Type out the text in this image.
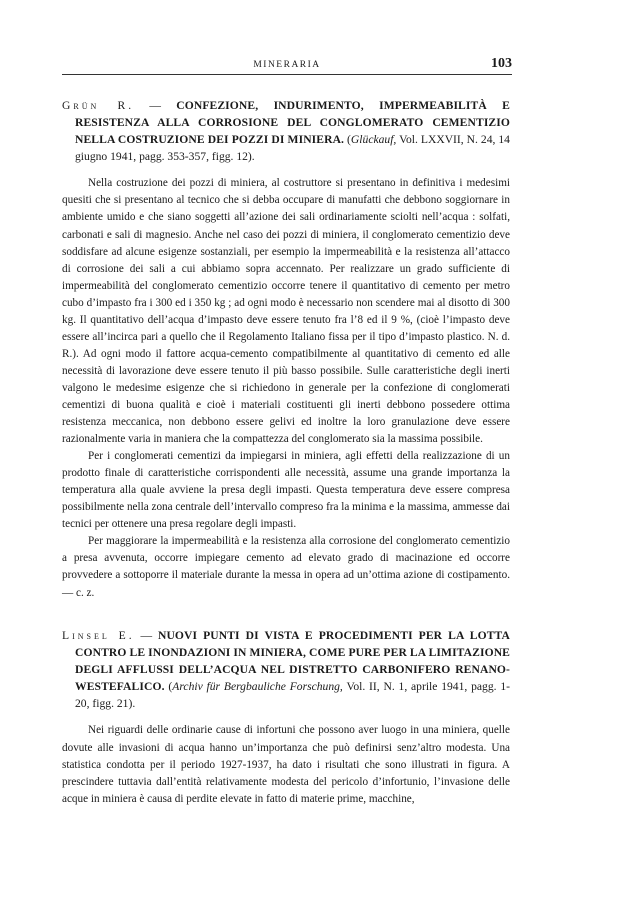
MINERARIA	103

Grün R. — CONFEZIONE, INDURIMENTO, IMPERMEABILITÀ E RESISTENZA ALLA CORROSIONE DEL CONGLOMERATO CEMENTIZIO NELLA COSTRUZIONE DEI POZZI DI MINIERA. (Glückauf, Vol. LXXVII, N. 24, 14 giugno 1941, pagg. 353-357, figg. 12).

Nella costruzione dei pozzi di miniera, al costruttore si presentano in definitiva i medesimi quesiti che si presentano al tecnico che si debba occupare di manufatti che debbono soggiornare in ambiente umido e che siano soggetti all’azione dei sali ordinariamente sciolti nell’acqua : solfati, carbonati e sali di magnesio. Anche nel caso dei pozzi di miniera, il conglomerato cementizio deve soddisfare ad alcune esigenze sostanziali, per esempio la impermeabilità e la resistenza all’attacco di corrosione dei sali a cui abbiamo sopra accennato. Per realizzare un grado sufficiente di impermeabilità del conglomerato cementizio occorre tenere il quantitativo di cemento per metro cubo d’impasto fra i 300 ed i 350 kg ; ad ogni modo è necessario non scendere mai al disotto di 300 kg. Il quantitativo dell’acqua d’impasto deve essere tenuto fra l’8 ed il 9 %, (cioè l’impasto deve essere all’incirca pari a quello che il Regolamento Italiano fissa per il tipo d’impasto plastico. N. d. R.). Ad ogni modo il fattore acqua-cemento compatibilmente al quantitativo di cemento ed alle necessità di lavorazione deve essere tenuto il più basso possibile. Sulle caratteristiche degli inerti valgono le medesime esigenze che si richiedono in generale per la confezione di conglomerati cementizi di buona qualità e cioè i materiali costituenti gli inerti debbono possedere ottima resistenza meccanica, non debbono essere gelivi ed inoltre la loro granulazione deve essere razionalmente varia in maniera che la compattezza del conglomerato sia la massima possibile.

Per i conglomerati cementizi da impiegarsi in miniera, agli effetti della realizzazione di un prodotto finale di caratteristiche corrispondenti alle necessità, assume una grande importanza la temperatura alla quale avviene la presa degli impasti. Questa temperatura deve essere compresa possibilmente nella zona centrale dell’intervallo compreso fra la minima e la massima, ammesse dai tecnici per ottenere una presa regolare degli impasti.

Per maggiorare la impermeabilità e la resistenza alla corrosione del conglomerato cementizio a presa avvenuta, occorre impiegare cemento ad elevato grado di macinazione ed occorre provvedere a sottoporre il materiale durante la messa in opera ad un’ottima azione di costipamento. — c. z.

Linsel E. — NUOVI PUNTI DI VISTA E PROCEDIMENTI PER LA LOTTA CONTRO LE INONDAZIONI IN MINIERA, COME PURE PER LA LIMITAZIONE DEGLI AFFLUSSI DELL’ACQUA NEL DISTRETTO CARBONIFERO RENANO-WESTEFALICO. (Archiv für Bergbauliche Forschung, Vol. II, N. 1, aprile 1941, pagg. 1-20, figg. 21).

Nei riguardi delle ordinarie cause di infortuni che possono aver luogo in una miniera, quelle dovute alle invasioni di acqua hanno un’importanza che può definirsi senz’altro modesta. Una statistica condotta per il periodo 1927-1937, ha dato i risultati che sono illustrati in figura. A prescindere tuttavia dall’entità relativamente modesta del pericolo d’infortunio, l’invasione delle acque in miniera è causa di perdite elevate in fatto di materie prime, macchine,
